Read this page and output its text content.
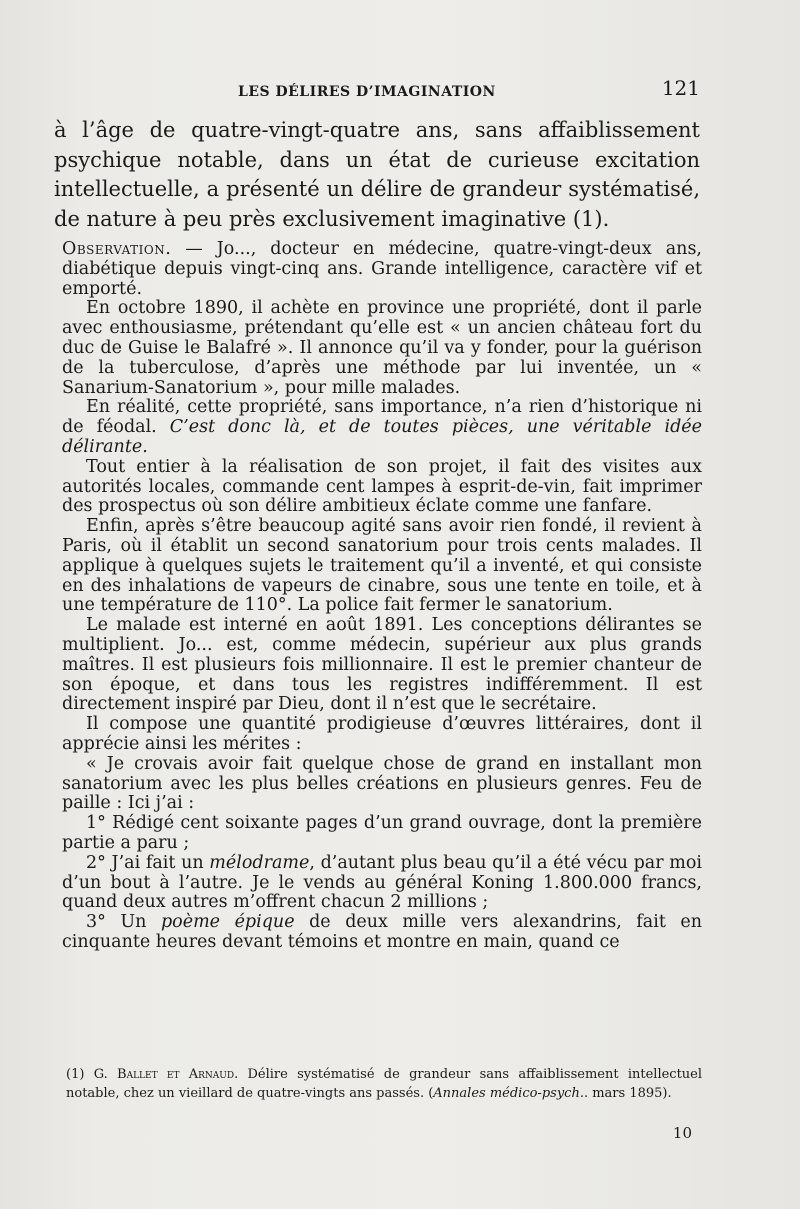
LES DÉLIRES D’IMAGINATION	121

à l’âge de quatre-vingt-quatre ans, sans affaiblissement psychique notable, dans un état de curieuse excitation intellectuelle, a présenté un délire de grandeur systématisé, de nature à peu près exclusivement imaginative (1).

Observation. — Jo..., docteur en médecine, quatre-vingt-deux ans, diabétique depuis vingt-cinq ans. Grande intelligence, caractère vif et emporté.

En octobre 1890, il achète en province une propriété, dont il parle avec enthousiasme, prétendant qu’elle est « un ancien château fort du duc de Guise le Balafré ». Il annonce qu’il va y fonder, pour la guérison de la tuberculose, d’après une méthode par lui inventée, un « Sanarium-Sanatorium », pour mille malades.

En réalité, cette propriété, sans importance, n’a rien d’historique ni de féodal. C’est donc là, et de toutes pièces, une véritable idée délirante.

Tout entier à la réalisation de son projet, il fait des visites aux autorités locales, commande cent lampes à esprit-de-vin, fait imprimer des prospectus où son délire ambitieux éclate comme une fanfare.

Enfin, après s’être beaucoup agité sans avoir rien fondé, il revient à Paris, où il établit un second sanatorium pour trois cents malades. Il applique à quelques sujets le traitement qu’il a inventé, et qui consiste en des inhalations de vapeurs de cinabre, sous une tente en toile, et à une température de 110°. La police fait fermer le sanatorium.

Le malade est interné en août 1891. Les conceptions délirantes se multiplient. Jo... est, comme médecin, supérieur aux plus grands maîtres. Il est plusieurs fois millionnaire. Il est le premier chanteur de son époque, et dans tous les registres indifféremment. Il est directement inspiré par Dieu, dont il n’est que le secrétaire.

Il compose une quantité prodigieuse d’œuvres littéraires, dont il apprécie ainsi les mérites :

« Je crovais avoir fait quelque chose de grand en installant mon sanatorium avec les plus belles créations en plusieurs genres. Feu de paille : Ici j’ai :

1° Rédigé cent soixante pages d’un grand ouvrage, dont la première partie a paru ;

2° J’ai fait un mélodrame, d’autant plus beau qu’il a été vécu par moi d’un bout à l’autre. Je le vends au général Koning 1.800.000 francs, quand deux autres m’offrent chacun 2 millions ;

3° Un poème épique de deux mille vers alexandrins, fait en cinquante heures devant témoins et montre en main, quand ce

(1) G. Ballet et Arnaud. Délire systématisé de grandeur sans affaiblissement intellectuel notable, chez un vieillard de quatre-vingts ans passés. (Annales médico-psych.. mars 1895).

10
